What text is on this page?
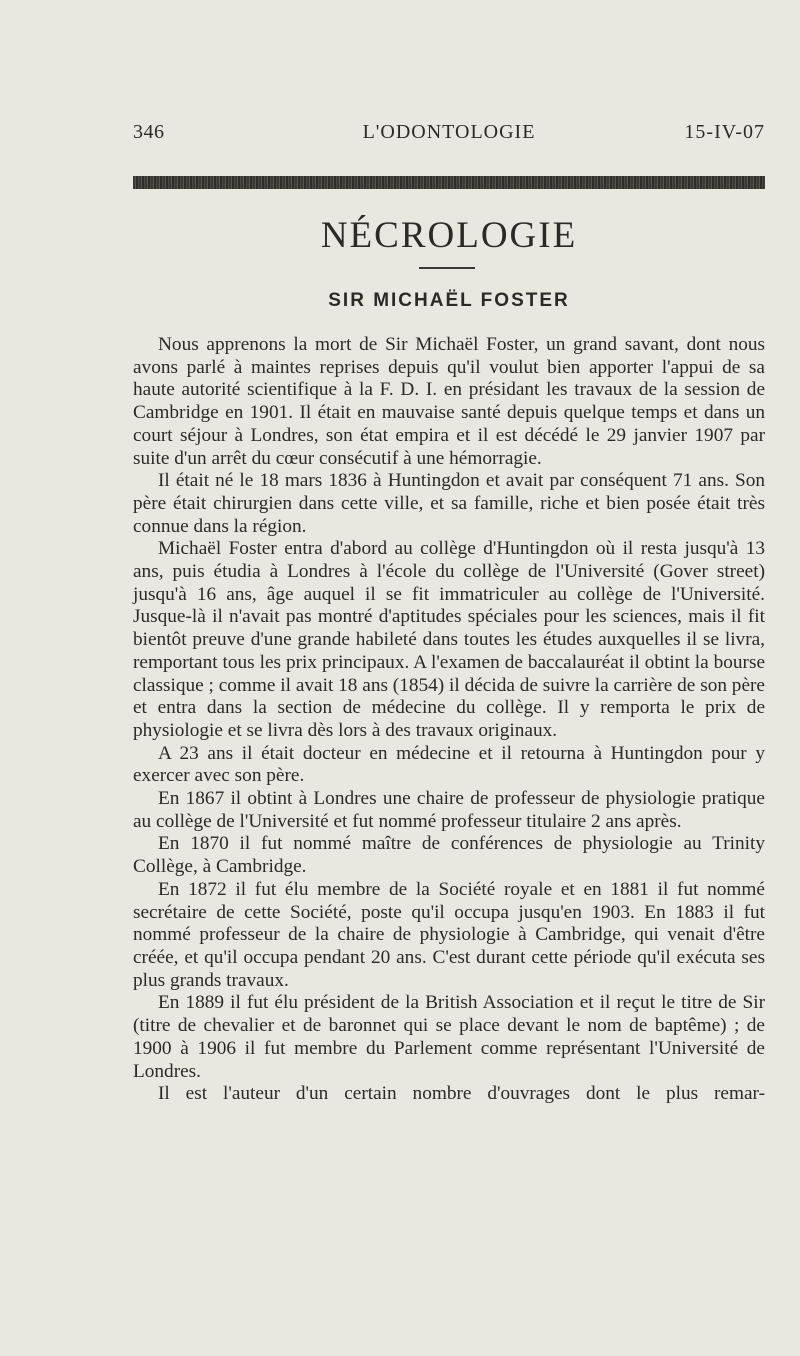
346	L'ODONTOLOGIE	15-IV-07
NÉCROLOGIE
SIR MICHAËL FOSTER

Nous apprenons la mort de Sir Michaël Foster, un grand savant, dont nous avons parlé à maintes reprises depuis qu'il voulut bien apporter l'appui de sa haute autorité scientifique à la F. D. I. en présidant les travaux de la session de Cambridge en 1901. Il était en mauvaise santé depuis quelque temps et dans un court séjour à Londres, son état empira et il est décédé le 29 janvier 1907 par suite d'un arrêt du cœur consécutif à une hémorragie.

Il était né le 18 mars 1836 à Huntingdon et avait par conséquent 71 ans. Son père était chirurgien dans cette ville, et sa famille, riche et bien posée était très connue dans la région.

Michaël Foster entra d'abord au collège d'Huntingdon où il resta jusqu'à 13 ans, puis étudia à Londres à l'école du collège de l'Université (Gover street) jusqu'à 16 ans, âge auquel il se fit immatriculer au collège de l'Université. Jusque-là il n'avait pas montré d'aptitudes spéciales pour les sciences, mais il fit bientôt preuve d'une grande habileté dans toutes les études auxquelles il se livra, remportant tous les prix principaux. A l'examen de baccalauréat il obtint la bourse classique ; comme il avait 18 ans (1854) il décida de suivre la carrière de son père et entra dans la section de médecine du collège. Il y remporta le prix de physiologie et se livra dès lors à des travaux originaux.

A 23 ans il était docteur en médecine et il retourna à Huntingdon pour y exercer avec son père.

En 1867 il obtint à Londres une chaire de professeur de physiologie pratique au collège de l'Université et fut nommé professeur titulaire 2 ans après.

En 1870 il fut nommé maître de conférences de physiologie au Trinity Collège, à Cambridge.

En 1872 il fut élu membre de la Société royale et en 1881 il fut nommé secrétaire de cette Société, poste qu'il occupa jusqu'en 1903. En 1883 il fut nommé professeur de la chaire de physiologie à Cambridge, qui venait d'être créée, et qu'il occupa pendant 20 ans. C'est durant cette période qu'il exécuta ses plus grands travaux.

En 1889 il fut élu président de la British Association et il reçut le titre de Sir (titre de chevalier et de baronnet qui se place devant le nom de baptême) ; de 1900 à 1906 il fut membre du Parlement comme représentant l'Université de Londres.

Il est l'auteur d'un certain nombre d'ouvrages dont le plus remar-
